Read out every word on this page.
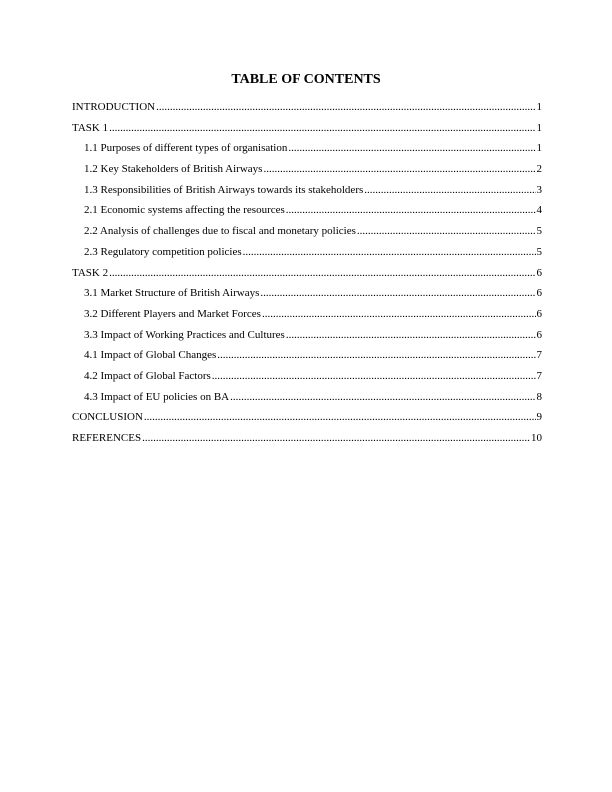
TABLE OF CONTENTS
INTRODUCTION .....	1
TASK 1 .....	1
1.1 Purposes of different types of organisation .....	1
1.2 Key Stakeholders of British Airways .....	2
1.3 Responsibilities of British Airways towards its stakeholders .....	3
2.1 Economic systems affecting the resources .....	4
2.2 Analysis of challenges due to fiscal and monetary policies .....	5
2.3 Regulatory competition policies .....	5
TASK 2 .....	6
3.1 Market Structure of British Airways .....	6
3.2 Different Players and Market Forces .....	6
3.3 Impact of Working Practices and Cultures .....	6
4.1 Impact of Global Changes .....	7
4.2 Impact of Global Factors .....	7
4.3 Impact of EU policies on BA .....	8
CONCLUSION .....	9
REFERENCES .....	10
